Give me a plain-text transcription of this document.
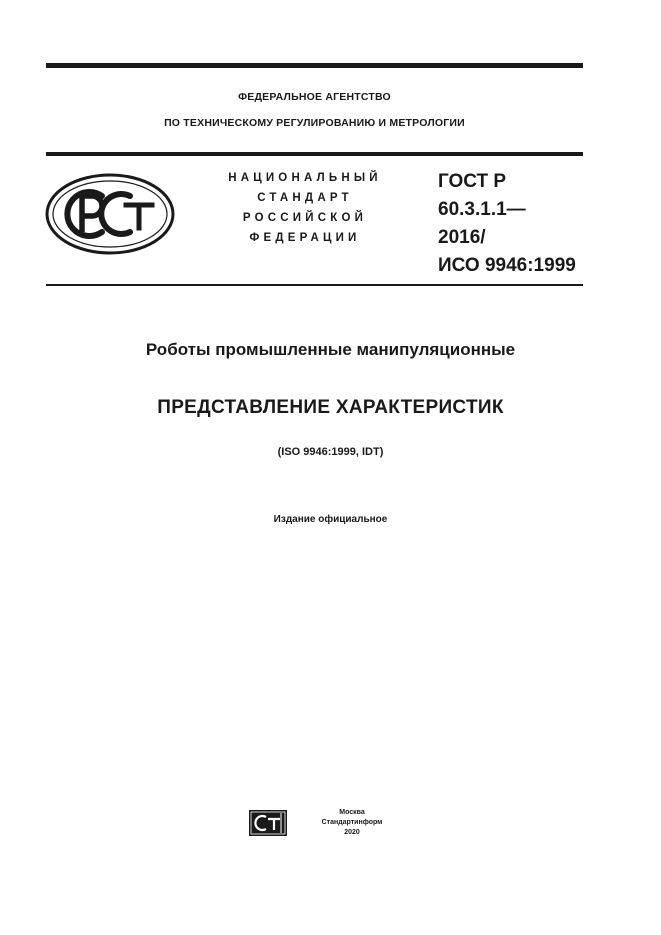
ФЕДЕРАЛЬНОЕ АГЕНТСТВО
ПО ТЕХНИЧЕСКОМУ РЕГУЛИРОВАНИЮ И МЕТРОЛОГИИ
НАЦИОНАЛЬНЫЙ
СТАНДАРТ
РОССИЙСКОЙ
ФЕДЕРАЦИИ
ГОСТ Р
60.3.1.1—
2016/
ИСО 9946:1999
Роботы промышленные манипуляционные
ПРЕДСТАВЛЕНИЕ ХАРАКТЕРИСТИК
(ISO 9946:1999, IDT)
Издание официальное
Москва
Стандартинформ
2020
